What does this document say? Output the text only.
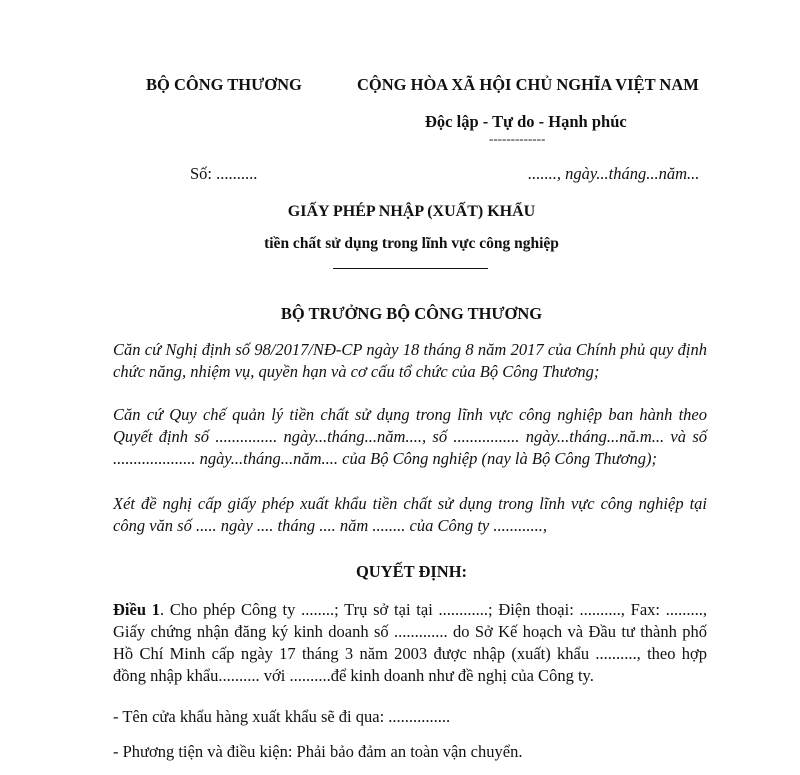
BỘ CÔNG THƯƠNG	CỘNG HÒA XÃ HỘI CHỦ NGHĨA VIỆT NAM
Độc lập - Tự do - Hạnh phúc
-------------
Số: ..........	......., ngày...tháng...năm...
GIẤY PHÉP NHẬP (XUẤT) KHẨU
tiền chất sử dụng trong lĩnh vực công nghiệp
BỘ TRƯỞNG BỘ CÔNG THƯƠNG
Căn cứ Nghị định số 98/2017/NĐ-CP ngày 18 tháng 8 năm 2017 của Chính phủ quy định chức năng, nhiệm vụ, quyền hạn và cơ cấu tổ chức của Bộ Công Thương;
Căn cứ Quy chế quản lý tiền chất sử dụng trong lĩnh vực công nghiệp ban hành theo Quyết định số ............... ngày...tháng...năm...., số ................ ngày...tháng...nă.m... và số .................... ngày...tháng...năm.... của Bộ Công nghiệp (nay là Bộ Công Thương);
Xét đề nghị cấp giấy phép xuất khẩu tiền chất sử dụng trong lĩnh vực công nghiệp tại công văn số ..... ngày .... tháng .... năm ........ của Công ty ............,
QUYẾT ĐỊNH:
Điều 1. Cho phép Công ty ........; Trụ sở tại tại ............; Điện thoại: .........., Fax: ........., Giấy chứng nhận đăng ký kinh doanh số ............. do Sở Kế hoạch và Đầu tư thành phố Hồ Chí Minh cấp ngày 17 tháng 3 năm 2003 được nhập (xuất) khẩu .........., theo hợp đồng nhập khẩu.......... với ..........để kinh doanh như đề nghị của Công ty.
- Tên cửa khẩu hàng xuất khẩu sẽ đi qua: ...............
- Phương tiện và điều kiện: Phải bảo đảm an toàn vận chuyển.
